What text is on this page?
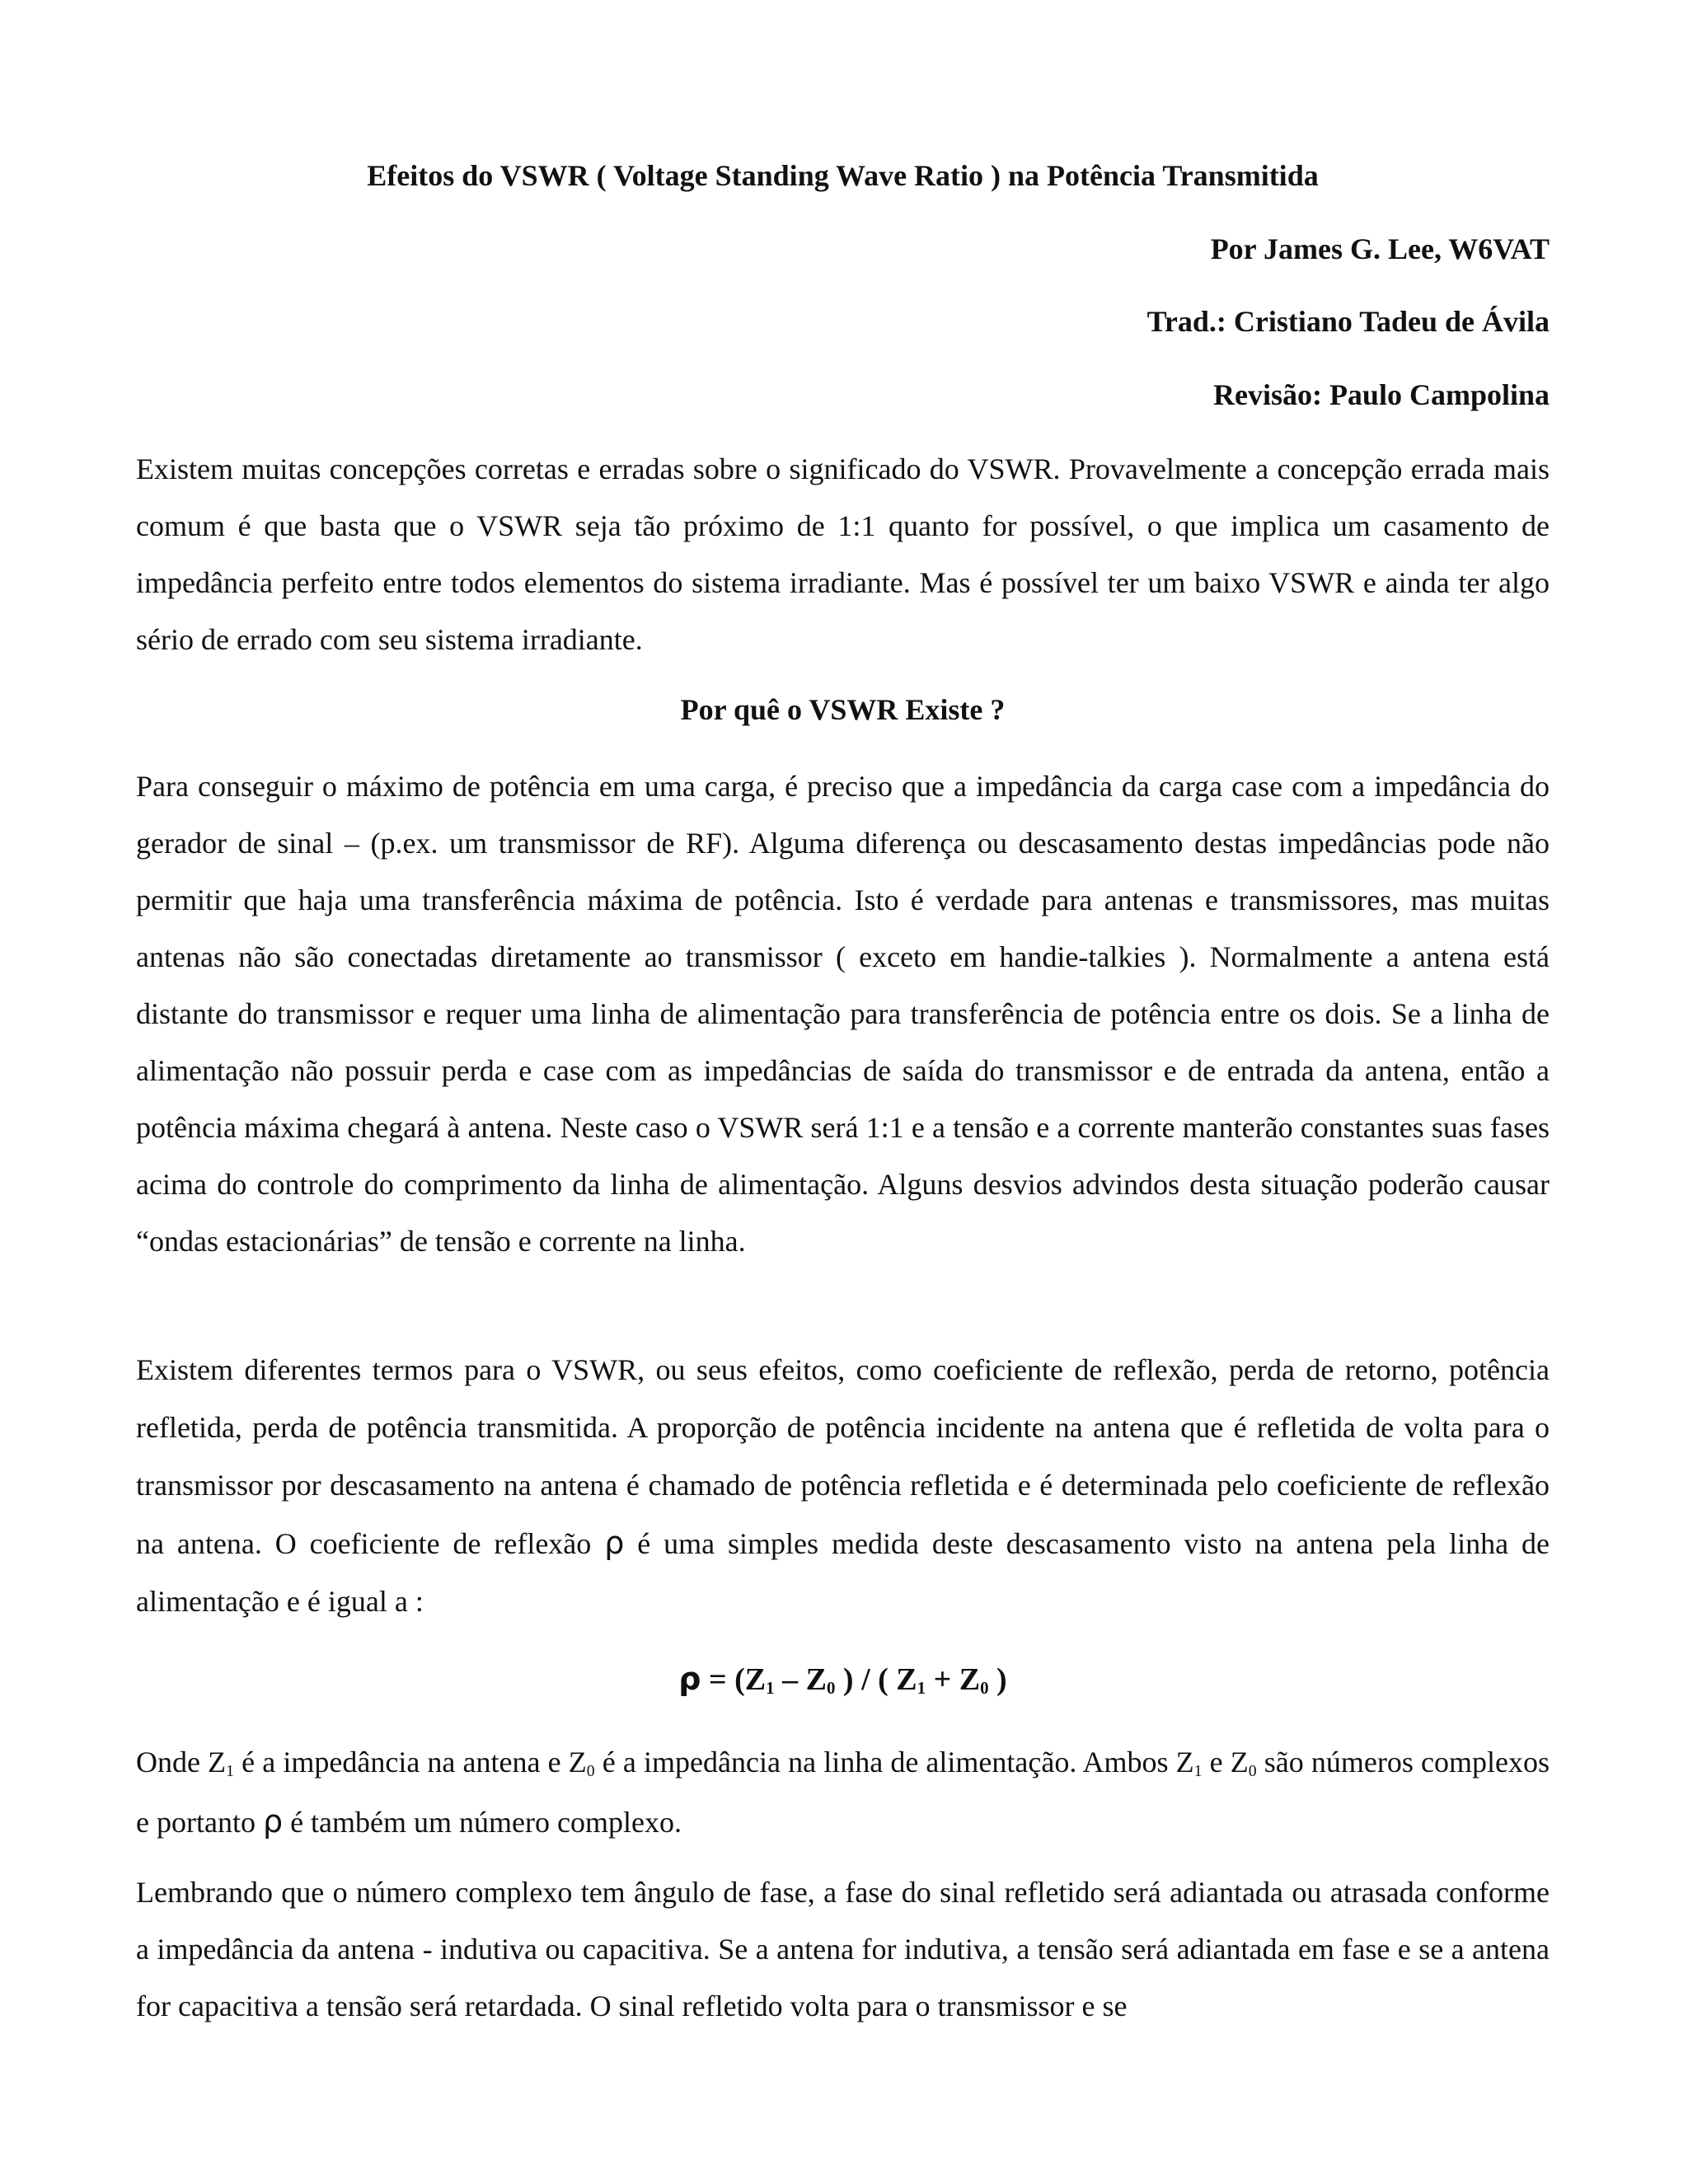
Efeitos do VSWR ( Voltage Standing Wave Ratio ) na Potência Transmitida
Por James G. Lee, W6VAT
Trad.: Cristiano Tadeu de Ávila
Revisão: Paulo Campolina

Existem muitas concepções corretas e erradas sobre o significado do VSWR. Provavelmente a concepção errada mais comum é que basta que o VSWR seja tão próximo de 1:1 quanto for possível, o que implica um casamento de impedância perfeito entre todos elementos do sistema irradiante. Mas é possível ter um baixo VSWR e ainda ter algo sério de errado com seu sistema irradiante.

Por quê o VSWR Existe ?

Para conseguir o máximo de potência em uma carga, é preciso que a impedância da carga case com a impedância do gerador de sinal – (p.ex. um transmissor de RF). Alguma diferença ou descasamento destas impedâncias pode não permitir que haja uma transferência máxima de potência. Isto é verdade para antenas e transmissores, mas muitas antenas não são conectadas diretamente ao transmissor ( exceto em handie-talkies ). Normalmente a antena está distante do transmissor e requer uma linha de alimentação para transferência de potência entre os dois. Se a linha de alimentação não possuir perda e case com as impedâncias de saída do transmissor e de entrada da antena, então a potência máxima chegará à antena. Neste caso o VSWR será 1:1 e a tensão e a corrente manterão constantes suas fases acima do controle do comprimento da linha de alimentação. Alguns desvios advindos desta situação poderão causar “ondas estacionárias” de tensão e corrente na linha.

Existem diferentes termos para o VSWR, ou seus efeitos, como coeficiente de reflexão, perda de retorno, potência refletida, perda de potência transmitida. A proporção de potência incidente na antena que é refletida de volta para o transmissor por descasamento na antena é chamado de potência refletida e é determinada pelo coeficiente de reflexão na antena. O coeficiente de reflexão ρ é uma simples medida deste descasamento visto na antena pela linha de alimentação e é igual a :

$\rho = (Z_1 - Z_0$ ) / ( $Z_1 + Z_0$ )

Onde $Z_1$ é a impedância na antena e $Z_0$ é a impedância na linha de alimentação. Ambos $Z_1$ e $Z_0$ são números complexos e portanto ρ é também um número complexo.

Lembrando que o número complexo tem ângulo de fase, a fase do sinal refletido será adiantada ou atrasada conforme a impedância da antena - indutiva ou capacitiva. Se a antena for indutiva, a tensão será adiantada em fase e se a antena for capacitiva a tensão será retardada. O sinal refletido volta para o transmissor e se
